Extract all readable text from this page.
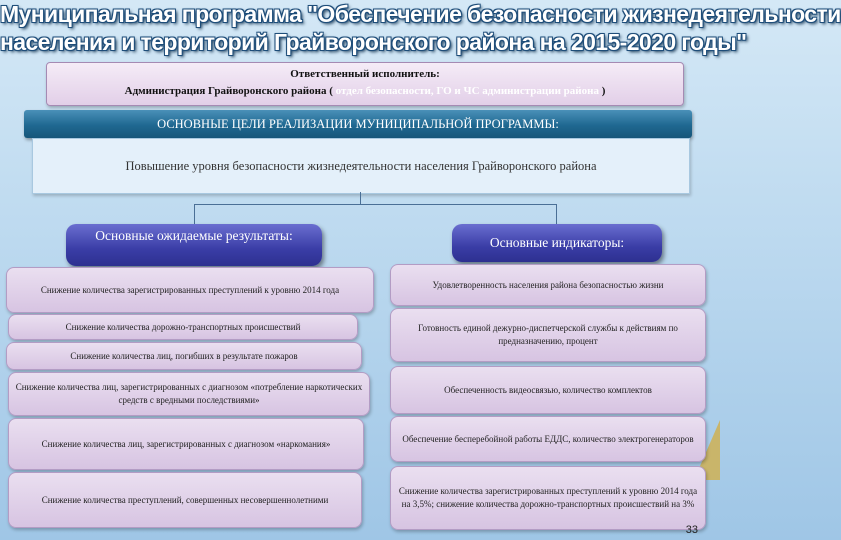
Муниципальная программа "Обеспечение безопасности жизнедеятельности
населения и территорий Грайворонского района на 2015-2020 годы"
Ответственный исполнитель:
Администрация Грайворонского района ( отдел безопасности, ГО и ЧС администрации района )
ОСНОВНЫЕ ЦЕЛИ РЕАЛИЗАЦИИ МУНИЦИПАЛЬНОЙ ПРОГРАММЫ:
Повышение уровня безопасности жизнедеятельности населения Грайворонского района
Основные ожидаемые результаты:	Основные индикаторы:
Снижение количества зарегистрированных преступлений к уровню 2014 года
Снижение количества дорожно-транспортных происшествий
Снижение количества лиц, погибших в результате пожаров
Снижение количества лиц, зарегистрированных с диагнозом «потребление наркотических средств с вредными последствиями»
Снижение количества лиц, зарегистрированных с диагнозом «наркомания»
Снижение количества преступлений, совершенных несовершеннолетними
Удовлетворенность населения района безопасностью жизни
Готовность единой дежурно-диспетчерской службы к действиям по предназначению, процент
Обеспеченность видеосвязью, количество комплектов
Обеспечение бесперебойной работы ЕДДС, количество электрогенераторов
Снижение количества зарегистрированных преступлений к уровню 2014 года на 3,5%; снижение количества дорожно-транспортных происшествий на 3%
33
